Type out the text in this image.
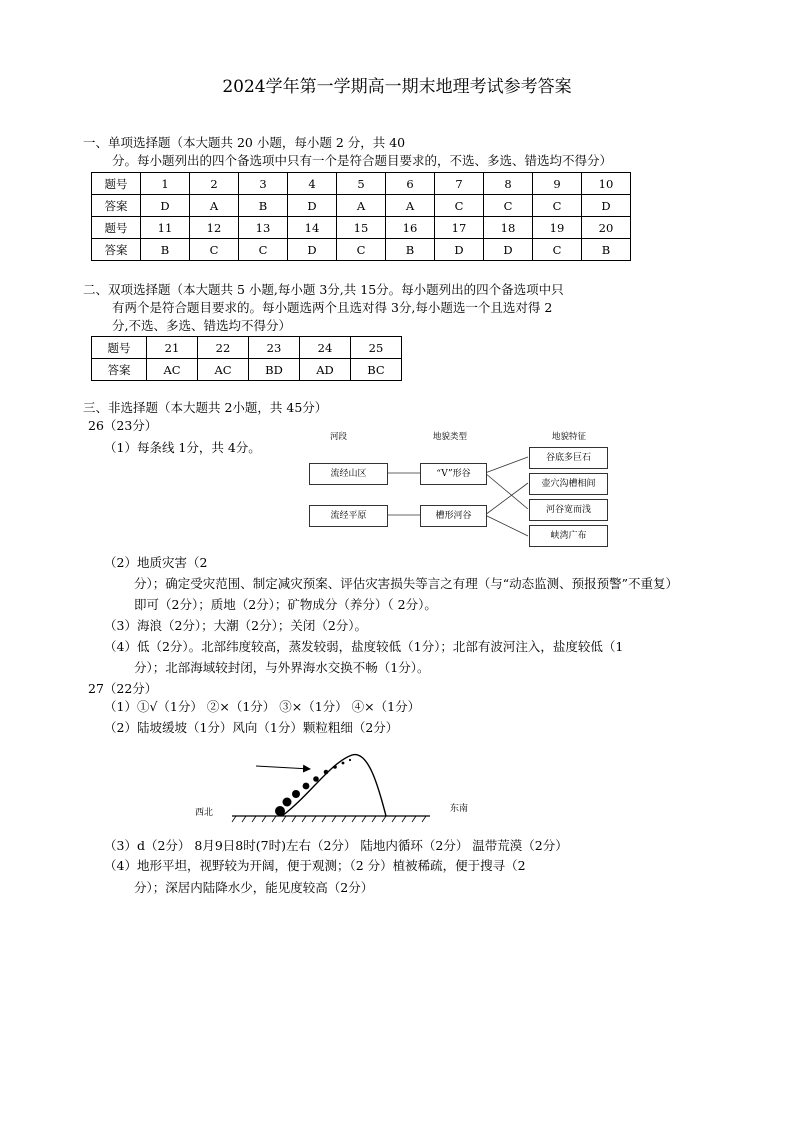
2024学年第一学期高一期末地理考试参考答案
一、单项选择题（本大题共 20 小题，每小题 2 分，共 40
分。每小题列出的四个备选项中只有一个是符合题目要求的，不选、多选、错选均不得分）
题号	1	2	3	4	5	6	7	8	9	10
答案	D	A	B	D	A	A	C	C	C	D
题号	11	12	13	14	15	16	17	18	19	20
答案	B	C	C	D	C	B	D	D	C	B
二、双项选择题（本大题共 5 小题,每小题 3分,共 15分。每小题列出的四个备选项中只
有两个是符合题目要求的。每小题选两个且选对得 3分,每小题选一个且选对得 2
分,不选、多选、错选均不得分）
题号	21	22	23	24	25
答案	AC	AC	BD	AD	BC
三、非选择题（本大题共 2小题，共 45分）
26（23分）
（1）每条线 1分，共 4分。
河段	地貌类型	地貌特征
流经山区
流经平原
“V”形谷
槽形河谷
谷底多巨石
壶穴沟槽相间
河谷宽而浅
峡湾广布
（2）地质灾害（2
分）；确定受灾范围、制定减灾预案、评估灾害损失等言之有理（与“动态监测、预报预警”不重复）
即可（2分）；质地（2分）；矿物成分（养分）（ 2分）。
（3）海浪（2分）；大潮（2分）；关闭（2分）。
（4）低（2分）。北部纬度较高，蒸发较弱，盐度较低（1分）；北部有波河注入，盐度较低（1
分）；北部海域较封闭，与外界海水交换不畅（1分）。
27（22分）
（1）①√（1分） ②×（1分） ③×（1分） ④×（1分）
（2）陆坡缓坡（1分）风向（1分）颗粒粗细（2分）
西北	东南
（3）d（2分） 8月9日8时(7时)左右（2分） 陆地内循环（2分） 温带荒漠（2分）
（4）地形平坦，视野较为开阔，便于观测；（2 分）植被稀疏，便于搜寻（2
分）；深居内陆降水少，能见度较高（2分）
